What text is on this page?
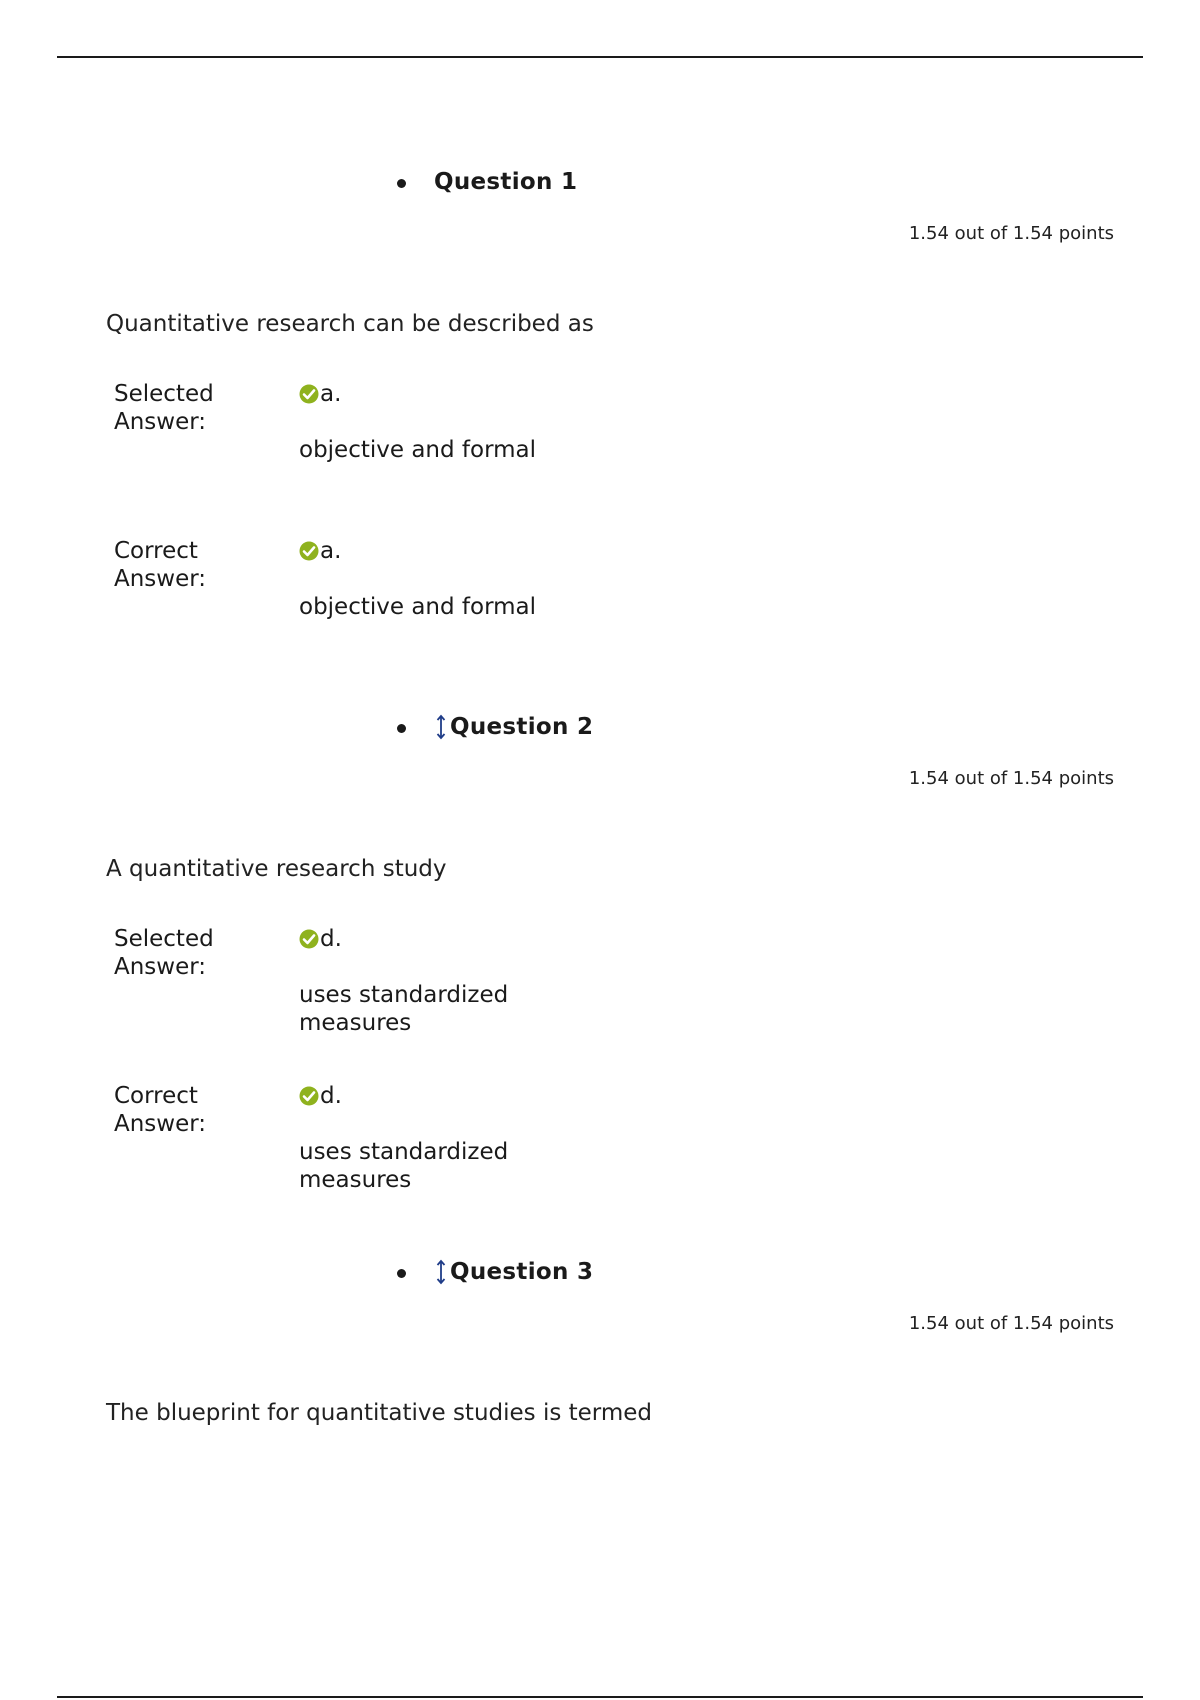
Question 1
1.54 out of 1.54 points
Quantitative research can be described as
Selected Answer:
a.
objective and formal
Correct Answer:
a.
objective and formal
Question 2
1.54 out of 1.54 points
A quantitative research study
Selected Answer:
d.
uses standardized measures
Correct Answer:
d.
uses standardized measures
Question 3
1.54 out of 1.54 points
The blueprint for quantitative studies is termed
